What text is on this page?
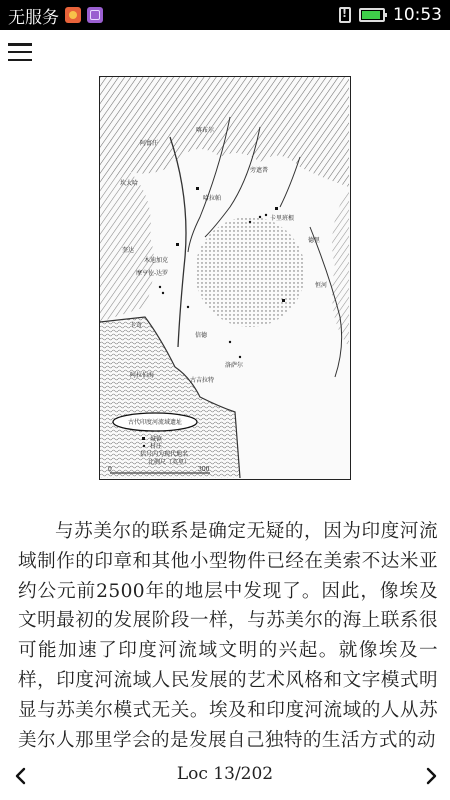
无服务
!	10:53
阿富汗
坎大哈
奎达
木迪加克
哈拉帕
卡里班根
德里
摩亨佐-达罗
阿拉伯海
古吉拉特
洛萨尔
卡奇
恒河
喀布尔
旁遮普
信德
古代印度河流域遗址
城镇
村庄
括号内为现代地名
比例尺（英里）
0	300

与苏美尔的联系是确定无疑的，因为印度河流域制作的印章和其他小型物件已经在美索不达米亚约公元前2500年的地层中发现了。因此，像埃及文明最初的发展阶段一样，与苏美尔的海上联系很可能加速了印度河流域文明的兴起。就像埃及一样，印度河流域人民发展的艺术风格和文字模式明显与苏美尔模式无关。埃及和印度河流域的人从苏美尔人那里学会的是发展自己独特的生活方式的动

Loc 13/202
